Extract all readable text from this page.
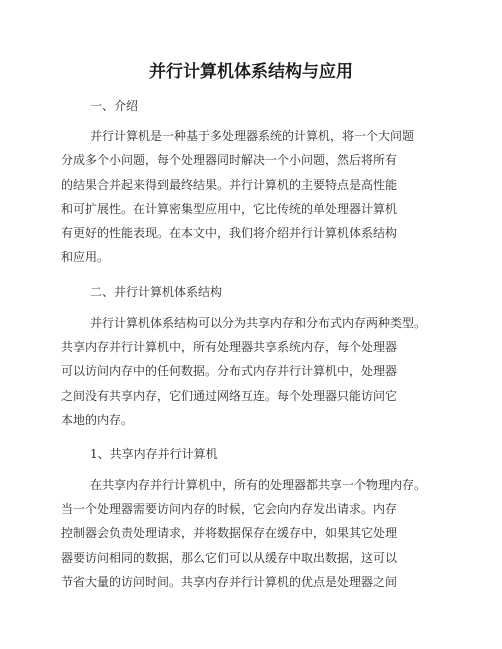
并行计算机体系结构与应用
一、介绍
并行计算机是一种基于多处理器系统的计算机，将一个大问题
分成多个小问题，每个处理器同时解决一个小问题，然后将所有
的结果合并起来得到最终结果。并行计算机的主要特点是高性能
和可扩展性。在计算密集型应用中，它比传统的单处理器计算机
有更好的性能表现。在本文中，我们将介绍并行计算机体系结构
和应用。
二、并行计算机体系结构
并行计算机体系结构可以分为共享内存和分布式内存两种类型。
共享内存并行计算机中，所有处理器共享系统内存，每个处理器
可以访问内存中的任何数据。分布式内存并行计算机中，处理器
之间没有共享内存，它们通过网络互连。每个处理器只能访问它
本地的内存。
1、共享内存并行计算机
在共享内存并行计算机中，所有的处理器都共享一个物理内存。
当一个处理器需要访问内存的时候，它会向内存发出请求。内存
控制器会负责处理请求，并将数据保存在缓存中，如果其它处理
器要访问相同的数据，那么它们可以从缓存中取出数据，这可以
节省大量的访问时间。共享内存并行计算机的优点是处理器之间
